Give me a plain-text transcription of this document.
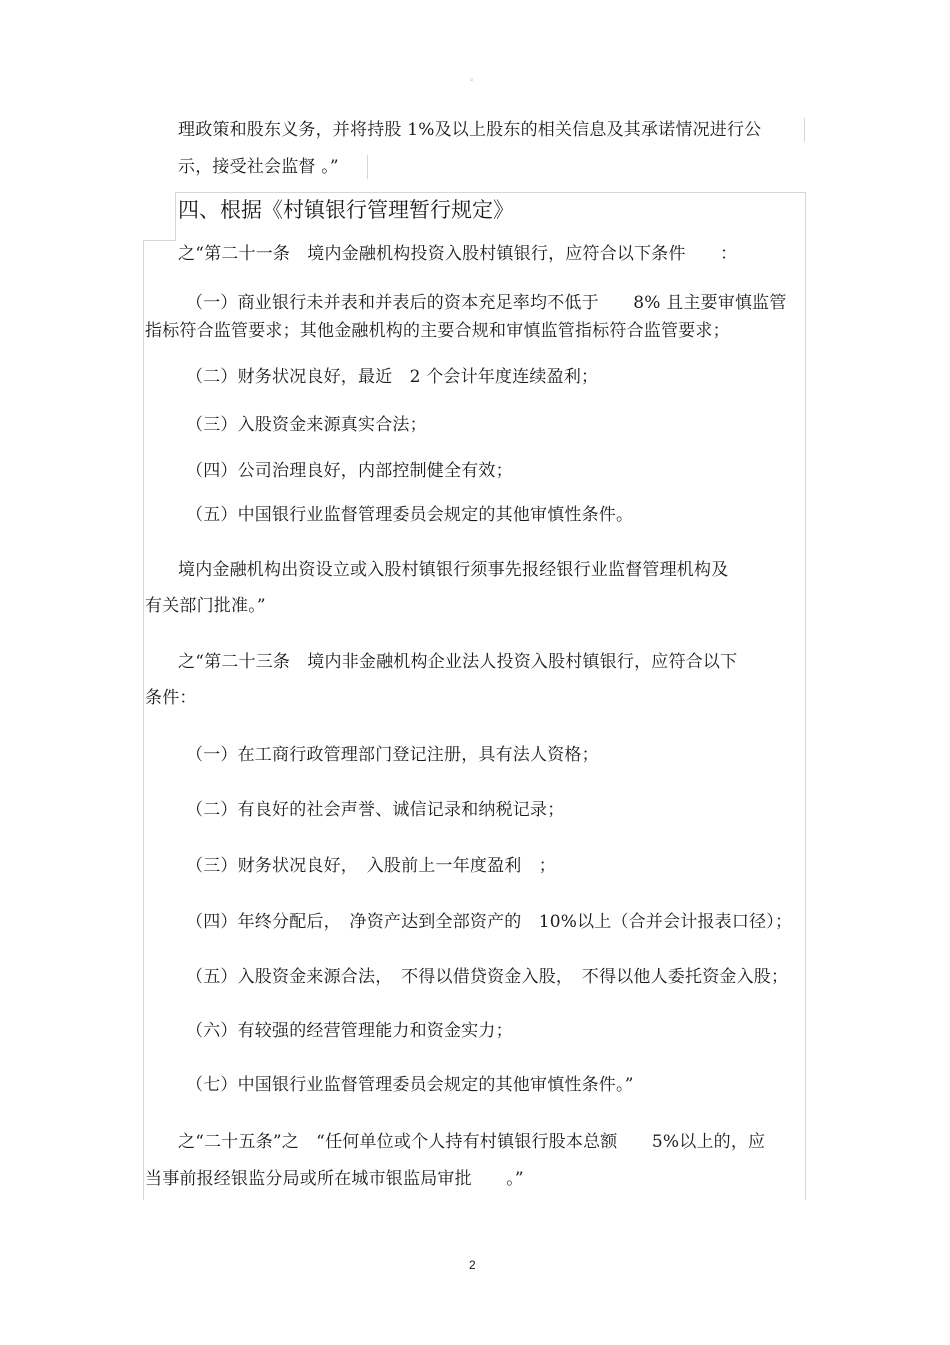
。
理政策和股东义务，并将持股 1%及以上股东的相关信息及其承诺情况进行公
示，接受社会监督 。”
四、根据《村镇银行管理暂行规定》
之“第二十一条　境内金融机构投资入股村镇银行，应符合以下条件　　：
（一）商业银行未并表和并表后的资本充足率均不低于　　8% 且主要审慎监管
指标符合监管要求；其他金融机构的主要合规和审慎监管指标符合监管要求；
（二）财务状况良好，最近　2 个会计年度连续盈利；
（三）入股资金来源真实合法；
（四）公司治理良好，内部控制健全有效；
（五）中国银行业监督管理委员会规定的其他审慎性条件。
境内金融机构出资设立或入股村镇银行须事先报经银行业监督管理机构及
有关部门批准。”
之“第二十三条　境内非金融机构企业法人投资入股村镇银行，应符合以下
条件：
（一）在工商行政管理部门登记注册，具有法人资格；
（二）有良好的社会声誉、诚信记录和纳税记录；
（三）财务状况良好，　入股前上一年度盈利　；
（四）年终分配后，　净资产达到全部资产的　10%以上（合并会计报表口径）；
（五）入股资金来源合法，　不得以借贷资金入股，　不得以他人委托资金入股；
（六）有较强的经营管理能力和资金实力；
（七）中国银行业监督管理委员会规定的其他审慎性条件。”
之“二十五条”之　“任何单位或个人持有村镇银行股本总额　　5%以上的，应
当事前报经银监分局或所在城市银监局审批　　。”
2
